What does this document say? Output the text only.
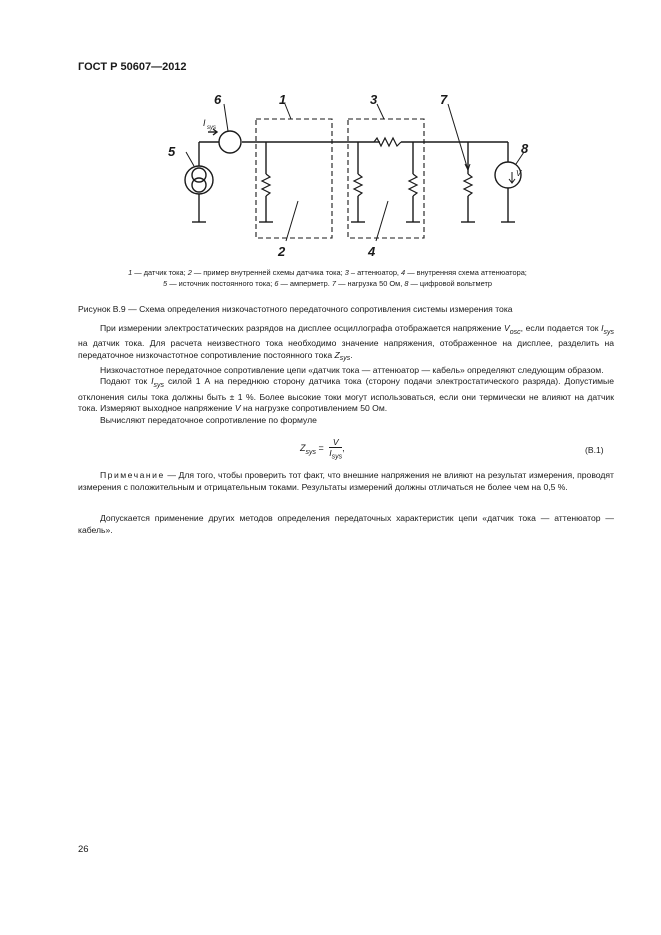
ГОСТ Р 50607—2012
1	3
6	7
5	8
2	4
I sys
V
1 — датчик тока; 2 — пример внутренней схемы датчика тока; 3 – аттенюатор, 4 — внутренняя схема аттенюатора;
5 — источник постоянного тока; 6 — амперметр. 7 — нагрузка 50 Ом, 8 — цифровой вольтметр
Рисунок В.9 — Схема определения низкочастотного передаточного сопротивления системы измерения тока

При измерении электростатических разрядов на дисплее осциллографа отображается напряжение $V_{osc}$, если подается ток $I_{sys}$ на датчик тока. Для расчета неизвестного тока необходимо значение напряжения, отображенное на дисплее, разделить на передаточное низкочастотное сопротивление постоянного тока $Z_{sys}$.

Низкочастотное передаточное сопротивление цепи «датчик тока — аттенюатор — кабель» определяют следующим образом.

Подают ток $I_{sys}$ силой 1 А на переднюю сторону датчика тока (сторону подачи электростатического разряда). Допустимые отклонения силы тока должны быть ± 1 %. Более высокие токи могут использоваться, если они термически не влияют на датчик тока. Измеряют выходное напряжение V на нагрузке сопротивлением 50 Ом.

Вычисляют передаточное сопротивление по формуле

$Z_{sys} = \frac{V}{I_{sys}}$ ,	(В.1)

Примечание — Для того, чтобы проверить тот факт, что внешние напряжения не влияют на результат измерения, проводят измерения с положительным и отрицательным токами. Результаты измерений должны отличаться не более чем на 0,5 %.

Допускается применение других методов определения передаточных характеристик цепи «датчик тока — аттенюатор — кабель».

26
